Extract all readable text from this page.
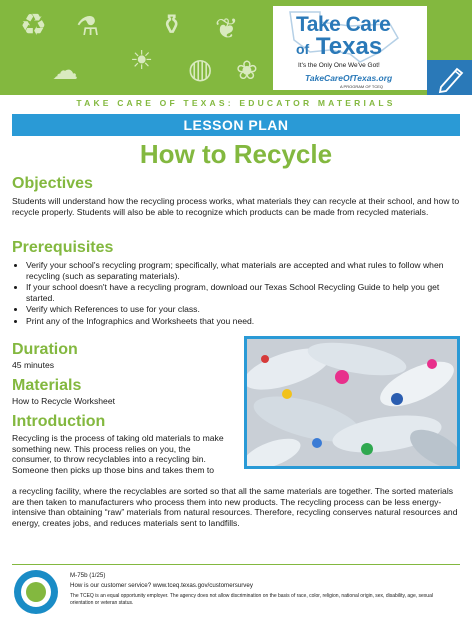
♻ ⚗
☀
⚱ ❦
◍ ❀
☁
Take Care
of Texas
It's the Only One We've Got!
TakeCareOfTexas.org
A PROGRAM OF TCEQ
TAKE CARE OF TEXAS: EDUCATOR MATERIALS
LESSON PLAN
How to Recycle
Objectives
Students will understand how the recycling process works, what materials they can recycle at their school, and how to recycle properly. Students will also be able to recognize which products can be made from recycled materials.
Prerequisites
• Verify your school's recycling program; specifically, what materials are accepted and what rules to follow when recycling (such as separating materials).
• If your school doesn't have a recycling program, download our Texas School Recycling Guide to help you get started.
• Verify which References to use for your class.
• Print any of the Infographics and Worksheets that you need.
Duration
45 minutes
Materials
How to Recycle Worksheet
Introduction
Recycling is the process of taking old materials to make something new. This process relies on you, the consumer, to throw recyclables into a recycling bin. Someone then picks up those bins and takes them to
a recycling facility, where the recyclables are sorted so that all the same materials are together. The sorted materials are then taken to manufacturers who process them into new products. The recycling process can be less energy-intensive than obtaining “raw” materials from natural resources. Therefore, recycling conserves natural resources and energy, creates jobs, and reduces materials sent to landfills.
M-75b (1/25)
How is our customer service? www.tceq.texas.gov/customersurvey
The TCEQ is an equal opportunity employer. The agency does not allow discrimination on the basis of race, color, religion, national origin, sex, disability, age, sexual orientation or veteran status.
